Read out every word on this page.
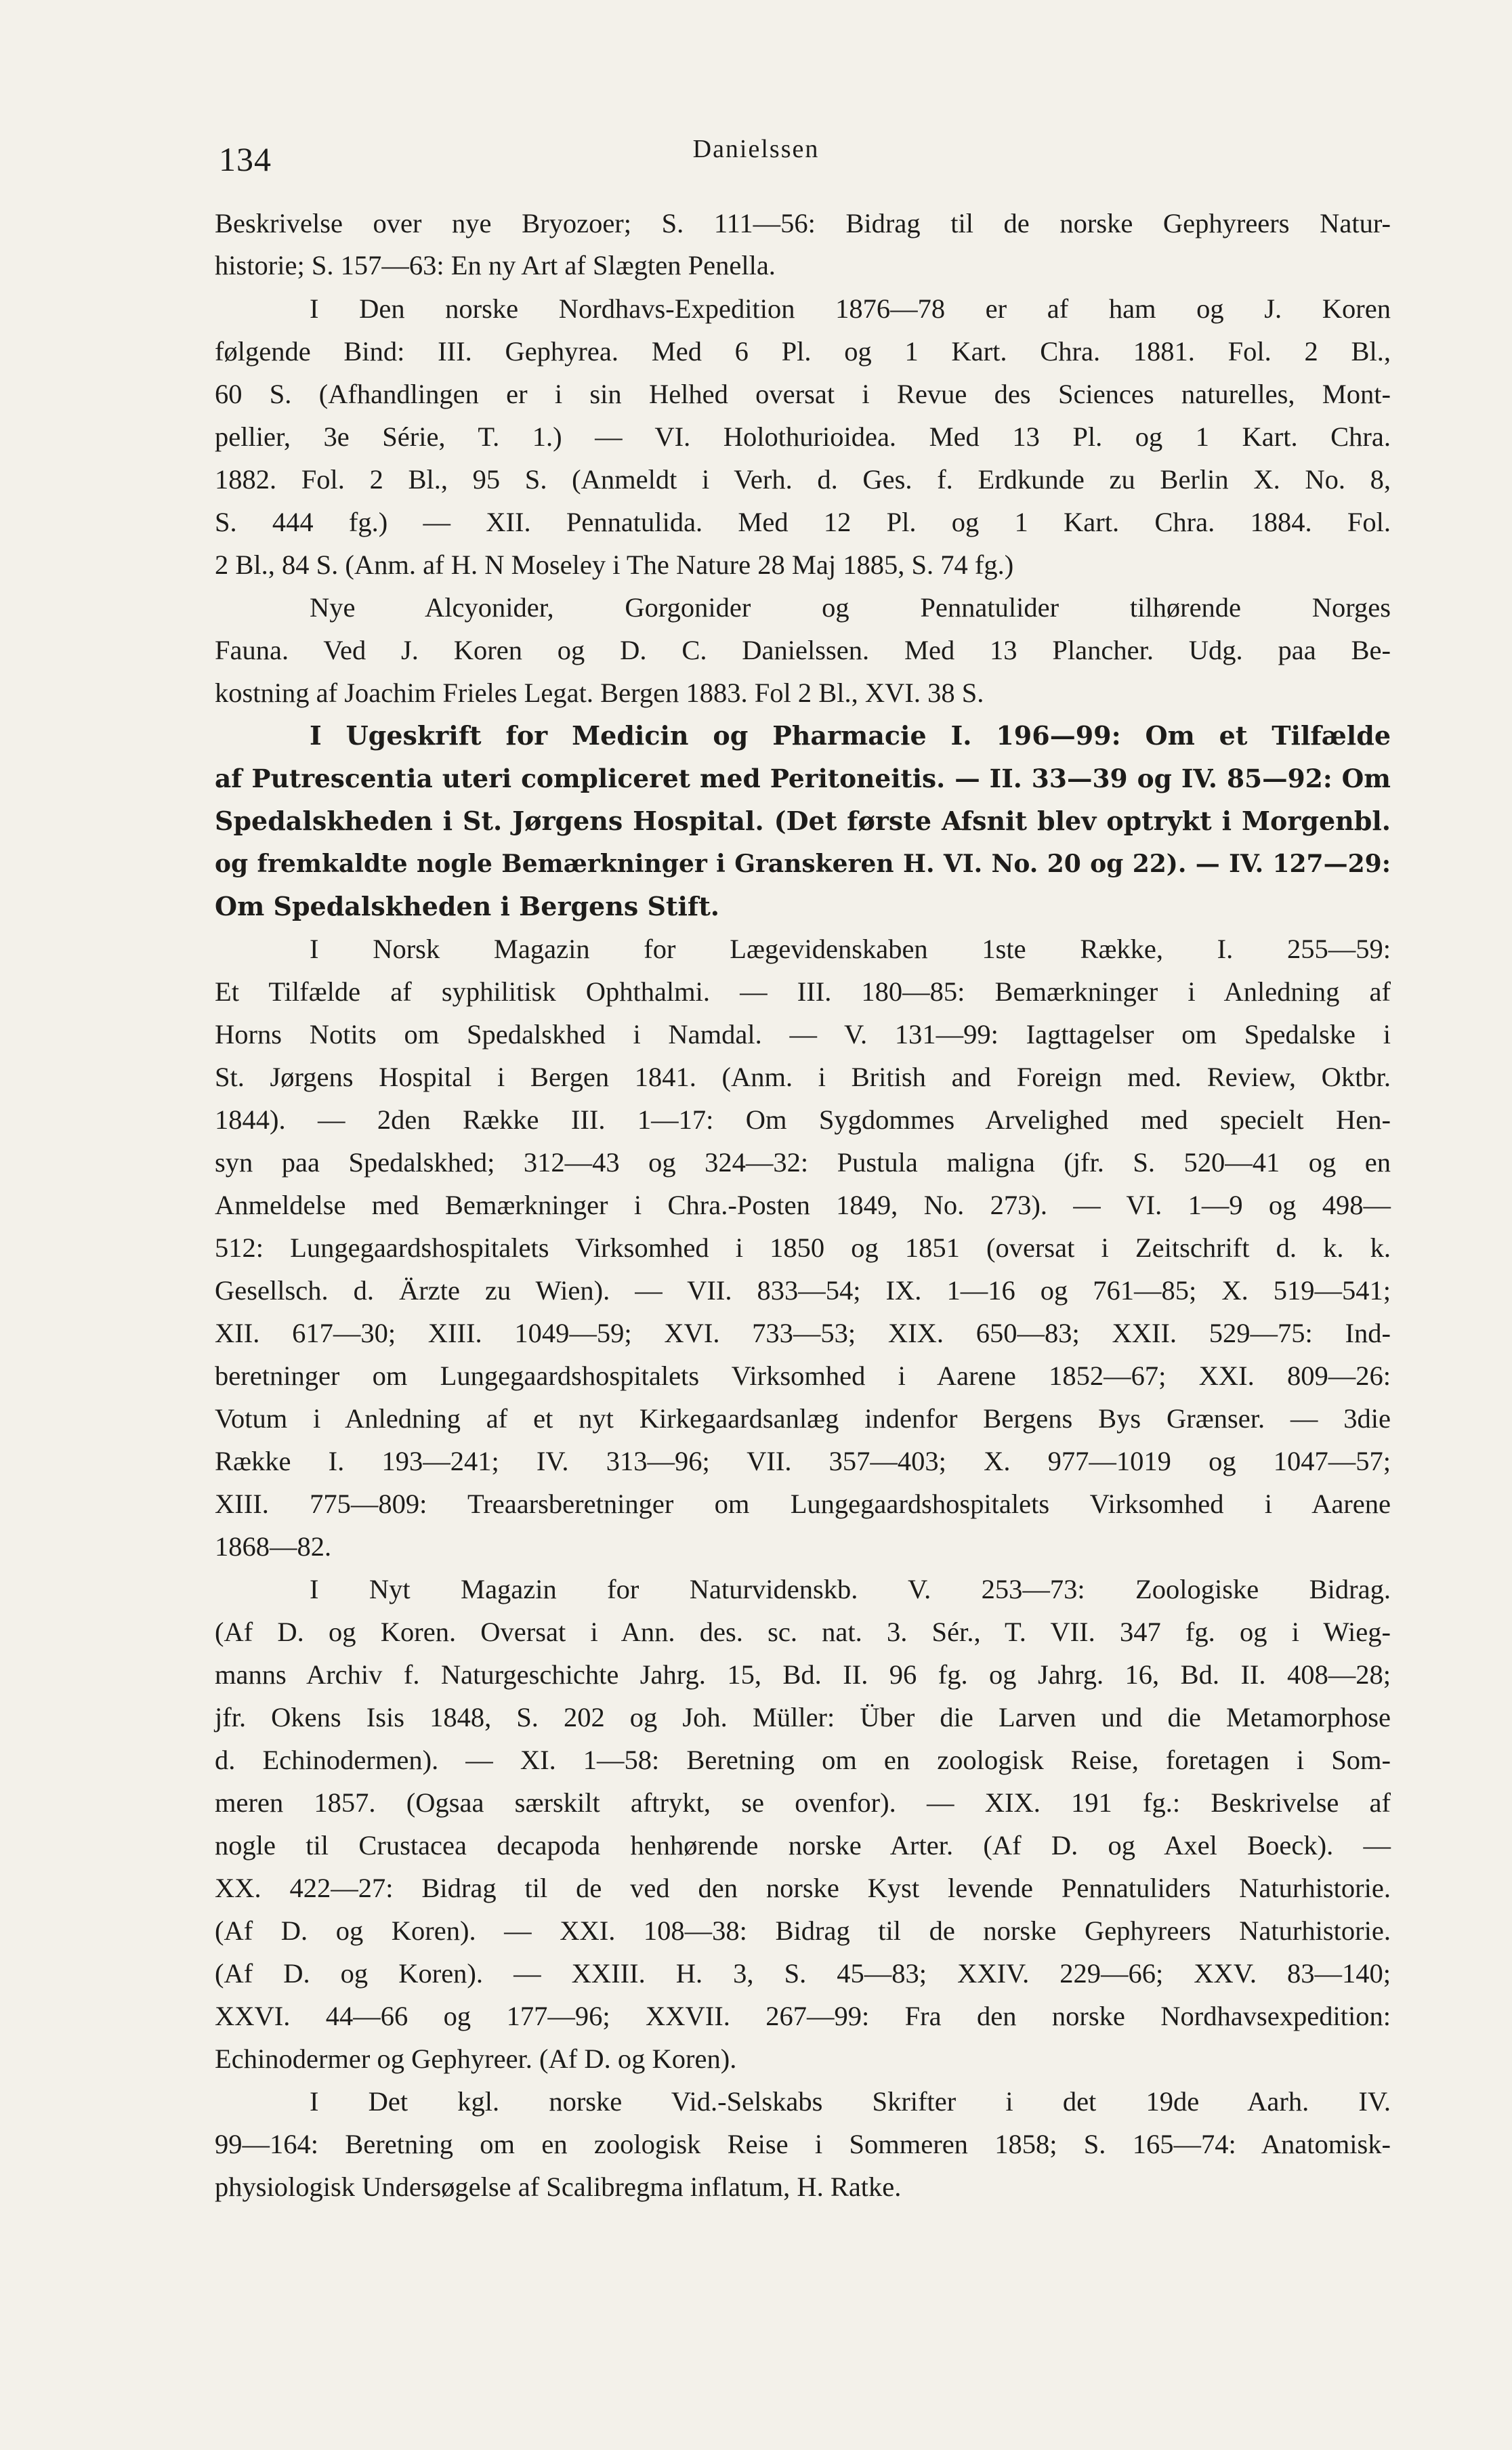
134	Danielssen
Beskrivelse over nye Bryozoer; S. 111—56: Bidrag til de norske Gephyreers Natur-
historie; S. 157—63: En ny Art af Slægten Penella.
I Den norske Nordhavs-Expedition 1876—78 er af ham og J. Koren
følgende Bind: III. Gephyrea. Med 6 Pl. og 1 Kart. Chra. 1881. Fol. 2 Bl.,
60 S. (Afhandlingen er i sin Helhed oversat i Revue des Sciences naturelles, Mont-
pellier, 3e Série, T. 1.) — VI. Holothurioidea. Med 13 Pl. og 1 Kart. Chra.
1882. Fol. 2 Bl., 95 S. (Anmeldt i Verh. d. Ges. f. Erdkunde zu Berlin X. No. 8,
S. 444 fg.) — XII. Pennatulida. Med 12 Pl. og 1 Kart. Chra. 1884. Fol.
2 Bl., 84 S. (Anm. af H. N Moseley i The Nature 28 Maj 1885, S. 74 fg.)
Nye Alcyonider, Gorgonider og Pennatulider tilhørende Norges
Fauna. Ved J. Koren og D. C. Danielssen. Med 13 Plancher. Udg. paa Be-
kostning af Joachim Frieles Legat. Bergen 1883. Fol 2 Bl., XVI. 38 S.
I Ugeskrift for Medicin og Pharmacie I. 196—99: Om et Tilfælde
af Putrescentia uteri compliceret med Peritoneitis. — II. 33—39 og IV. 85—92: Om
Spedalskheden i St. Jørgens Hospital. (Det første Afsnit blev optrykt i Morgenbl.
og fremkaldte nogle Bemærkninger i Granskeren H. VI. No. 20 og 22). — IV. 127—29:
Om Spedalskheden i Bergens Stift.
I Norsk Magazin for Lægevidenskaben 1ste Række, I. 255—59:
Et Tilfælde af syphilitisk Ophthalmi. — III. 180—85: Bemærkninger i Anledning af
Horns Notits om Spedalskhed i Namdal. — V. 131—99: Iagttagelser om Spedalske i
St. Jørgens Hospital i Bergen 1841. (Anm. i British and Foreign med. Review, Oktbr.
1844). — 2den Række III. 1—17: Om Sygdommes Arvelighed med specielt Hen-
syn paa Spedalskhed; 312—43 og 324—32: Pustula maligna (jfr. S. 520—41 og en
Anmeldelse med Bemærkninger i Chra.-Posten 1849, No. 273). — VI. 1—9 og 498—
512: Lungegaardshospitalets Virksomhed i 1850 og 1851 (oversat i Zeitschrift d. k. k.
Gesellsch. d. Ärzte zu Wien). — VII. 833—54; IX. 1—16 og 761—85; X. 519—541;
XII. 617—30; XIII. 1049—59; XVI. 733—53; XIX. 650—83; XXII. 529—75: Ind-
beretninger om Lungegaardshospitalets Virksomhed i Aarene 1852—67; XXI. 809—26:
Votum i Anledning af et nyt Kirkegaardsanlæg indenfor Bergens Bys Grænser. — 3die
Række I. 193—241; IV. 313—96; VII. 357—403; X. 977—1019 og 1047—57;
XIII. 775—809: Treaarsberetninger om Lungegaardshospitalets Virksomhed i Aarene
1868—82.
I Nyt Magazin for Naturvidenskb. V. 253—73: Zoologiske Bidrag.
(Af D. og Koren. Oversat i Ann. des. sc. nat. 3. Sér., T. VII. 347 fg. og i Wieg-
manns Archiv f. Naturgeschichte Jahrg. 15, Bd. II. 96 fg. og Jahrg. 16, Bd. II. 408—28;
jfr. Okens Isis 1848, S. 202 og Joh. Müller: Über die Larven und die Metamorphose
d. Echinodermen). — XI. 1—58: Beretning om en zoologisk Reise, foretagen i Som-
meren 1857. (Ogsaa særskilt aftrykt, se ovenfor). — XIX. 191 fg.: Beskrivelse af
nogle til Crustacea decapoda henhørende norske Arter. (Af D. og Axel Boeck). —
XX. 422—27: Bidrag til de ved den norske Kyst levende Pennatuliders Naturhistorie.
(Af D. og Koren). — XXI. 108—38: Bidrag til de norske Gephyreers Naturhistorie.
(Af D. og Koren). — XXIII. H. 3, S. 45—83; XXIV. 229—66; XXV. 83—140;
XXVI. 44—66 og 177—96; XXVII. 267—99: Fra den norske Nordhavsexpedition:
Echinodermer og Gephyreer. (Af D. og Koren).
I Det kgl. norske Vid.-Selskabs Skrifter i det 19de Aarh. IV.
99—164: Beretning om en zoologisk Reise i Sommeren 1858; S. 165—74: Anatomisk-
physiologisk Undersøgelse af Scalibregma inflatum, H. Ratke.
